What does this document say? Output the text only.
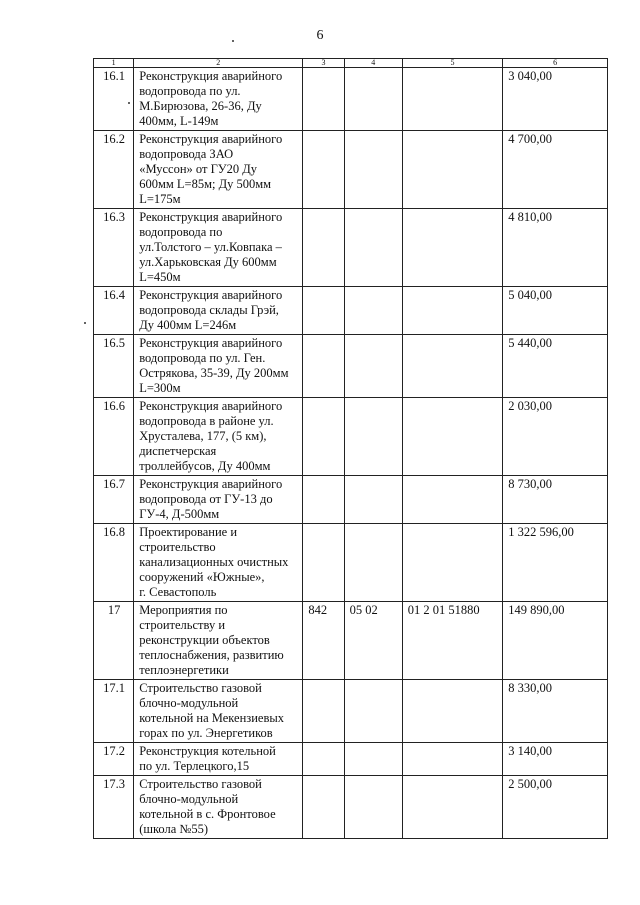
6
1	2	3	4	5	6
16.1	Реконструкция аварийного
водопровода по ул.
М.Бирюзова, 26-36, Ду
400мм, L-149м				3 040,00
16.2	Реконструкция аварийного
водопровода ЗАО
«Муссон» от ГУ20 Ду
600мм L=85м; Ду 500мм
L=175м				4 700,00
16.3	Реконструкция аварийного
водопровода по
ул.Толстого – ул.Ковпака –
ул.Харьковская Ду 600мм
L=450м				4 810,00
16.4	Реконструкция аварийного
водопровода склады Грэй,
Ду 400мм L=246м				5 040,00
16.5	Реконструкция аварийного
водопровода по ул. Ген.
Острякова, 35-39, Ду 200мм
L=300м				5 440,00
16.6	Реконструкция аварийного
водопровода в районе ул.
Хрусталева, 177, (5 км),
диспетчерская
троллейбусов, Ду 400мм				2 030,00
16.7	Реконструкция аварийного
водопровода от ГУ-13 до
ГУ-4, Д-500мм				8 730,00
16.8	Проектирование и
строительство
канализационных очистных
сооружений «Южные»,
г. Севастополь				1 322 596,00
17	Мероприятия по
строительству и
реконструкции объектов
теплоснабжения, развитию
теплоэнергетики	842	05 02	01 2 01 51880	149 890,00
17.1	Строительство газовой
блочно-модульной
котельной на Мекензиевых
горах по ул. Энергетиков				8 330,00
17.2	Реконструкция котельной
по ул. Терлецкого,15				3 140,00
17.3	Строительство газовой
блочно-модульной
котельной в с. Фронтовое
(школа №55)				2 500,00
